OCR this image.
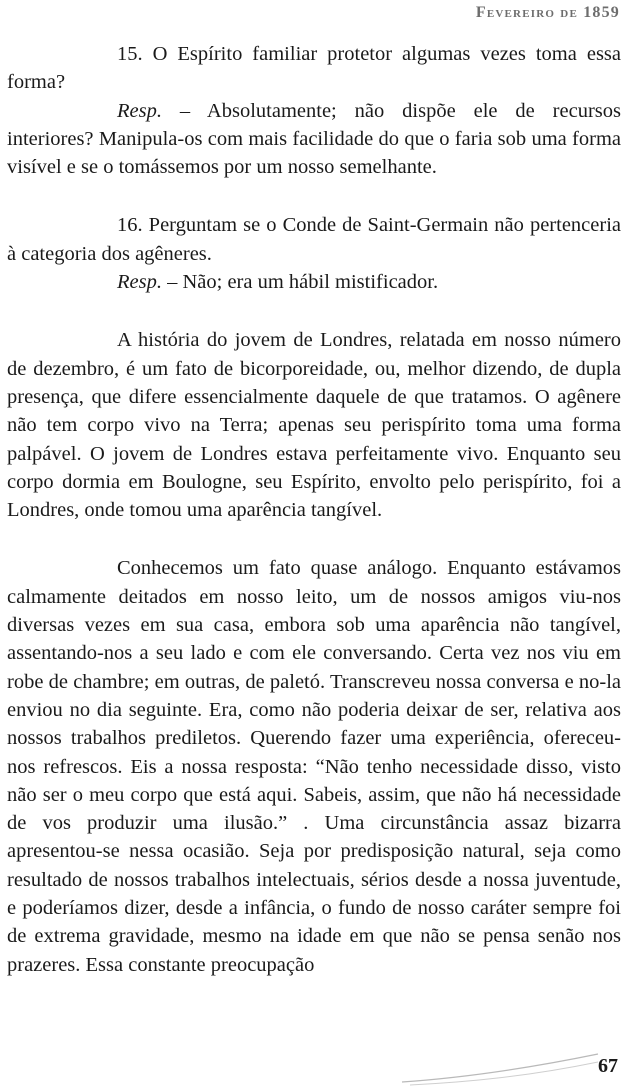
Fevereiro de 1859

15. O Espírito familiar protetor algumas vezes toma essa forma?

Resp. – Absolutamente; não dispõe ele de recursos interiores? Manipula-os com mais facilidade do que o faria sob uma forma visível e se o tomássemos por um nosso semelhante.

16. Perguntam se o Conde de Saint-Germain não pertenceria à categoria dos agêneres.

Resp. – Não; era um hábil mistificador.

A história do jovem de Londres, relatada em nosso número de dezembro, é um fato de bicorporeidade, ou, melhor dizendo, de dupla presença, que difere essencialmente daquele de que tratamos. O agênere não tem corpo vivo na Terra; apenas seu perispírito toma uma forma palpável. O jovem de Londres estava perfeitamente vivo. Enquanto seu corpo dormia em Boulogne, seu Espírito, envolto pelo perispírito, foi a Londres, onde tomou uma aparência tangível.

Conhecemos um fato quase análogo. Enquanto estávamos calmamente deitados em nosso leito, um de nossos amigos viu-nos diversas vezes em sua casa, embora sob uma aparência não tangível, assentando-nos a seu lado e com ele conversando. Certa vez nos viu em robe de chambre; em outras, de paletó. Transcreveu nossa conversa e no-la enviou no dia seguinte. Era, como não poderia deixar de ser, relativa aos nossos trabalhos prediletos. Querendo fazer uma experiência, ofereceu-nos refrescos. Eis a nossa resposta: “Não tenho necessidade disso, visto não ser o meu corpo que está aqui. Sabeis, assim, que não há necessidade de vos produzir uma ilusão.” . Uma circunstância assaz bizarra apresentou-se nessa ocasião. Seja por predisposição natural, seja como resultado de nossos trabalhos intelectuais, sérios desde a nossa juventude, e poderíamos dizer, desde a infância, o fundo de nosso caráter sempre foi de extrema gravidade, mesmo na idade em que não se pensa senão nos prazeres. Essa constante preocupação

67
